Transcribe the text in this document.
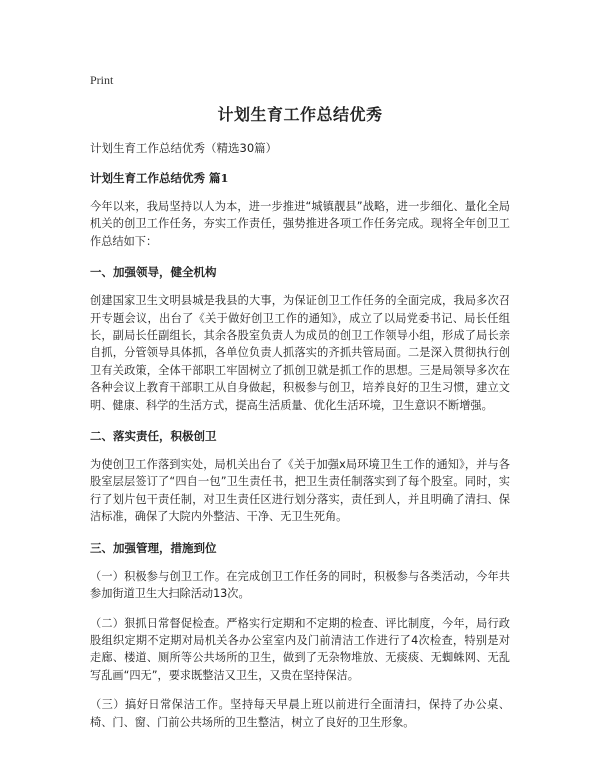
Print
计划生育工作总结优秀
计划生育工作总结优秀（精选30篇）
计划生育工作总结优秀 篇1

今年以来，我局坚持以人为本，进一步推进“城镇靓县”战略，进一步细化、量化全局机关的创卫工作任务，夯实工作责任，强势推进各项工作任务完成。现将全年创卫工作总结如下：

一、加强领导，健全机构

创建国家卫生文明县城是我县的大事，为保证创卫工作任务的全面完成，我局多次召开专题会议，出台了《关于做好创卫工作的通知》，成立了以局党委书记、局长任组长，副局长任副组长，其余各股室负责人为成员的创卫工作领导小组，形成了局长亲自抓，分管领导具体抓，各单位负责人抓落实的齐抓共管局面。二是深入贯彻执行创卫有关政策，全体干部职工牢固树立了抓创卫就是抓工作的思想。三是局领导多次在各种会议上教育干部职工从自身做起，积极参与创卫，培养良好的卫生习惯，建立文明、健康、科学的生活方式，提高生活质量、优化生活环境，卫生意识不断增强。

二、落实责任，积极创卫

为使创卫工作落到实处，局机关出台了《关于加强x局环境卫生工作的通知》，并与各股室层层签订了“四自一包”卫生责任书，把卫生责任制落实到了每个股室。同时，实行了划片包干责任制，对卫生责任区进行划分落实，责任到人，并且明确了清扫、保洁标准，确保了大院内外整洁、干净、无卫生死角。

三、加强管理，措施到位

（一）积极参与创卫工作。在完成创卫工作任务的同时，积极参与各类活动，今年共参加街道卫生大扫除活动13次。

（二）狠抓日常督促检查。严格实行定期和不定期的检查、评比制度，今年，局行政股组织定期不定期对局机关各办公室室内及门前清洁工作进行了4次检查，特别是对走廊、楼道、厕所等公共场所的卫生，做到了无杂物堆放、无痰痰、无蜘蛛网、无乱写乱画“四无”，要求既整洁又卫生，又贵在坚持保洁。

（三）搞好日常保洁工作。坚持每天早晨上班以前进行全面清扫，保持了办公桌、椅、门、窗、门前公共场所的卫生整洁，树立了良好的卫生形象。
